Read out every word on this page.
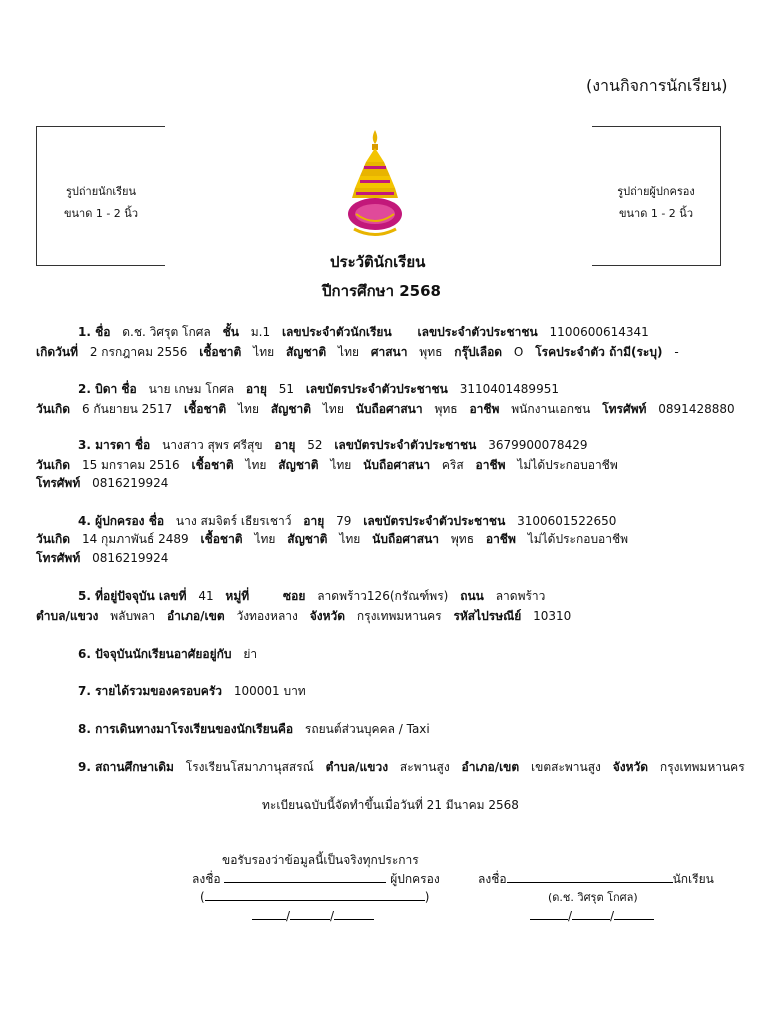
(งานกิจการนักเรียน)
รูปถ่ายนักเรียน
ขนาด 1 - 2 นิ้ว
รูปถ่ายผู้ปกครอง
ขนาด 1 - 2 นิ้ว
ประวัตินักเรียน
ปีการศึกษา 2568
1. ชื่อ ด.ช. วิศรุต โกศล ชั้น ม.1 เลขประจำตัวนักเรียน เลขประจำตัวประชาชน 1100600614341
เกิดวันที่ 2 กรกฎาคม 2556 เชื้อชาติ ไทย สัญชาติ ไทย ศาสนา พุทธ กรุ๊ปเลือด O โรคประจำตัว ถ้ามี(ระบุ) -
2. บิดา ชื่อ นาย เกษม โกศล อายุ 51 เลขบัตรประจำตัวประชาชน 3110401489951
วันเกิด 6 กันยายน 2517 เชื้อชาติ ไทย สัญชาติ ไทย นับถือศาสนา พุทธ อาชีพ พนักงานเอกชน โทรศัพท์ 0891428880
3. มารดา ชื่อ นางสาว สุพร ศรีสุข อายุ 52 เลขบัตรประจำตัวประชาชน 3679900078429
วันเกิด 15 มกราคม 2516 เชื้อชาติ ไทย สัญชาติ ไทย นับถือศาสนา คริส อาชีพ ไม่ได้ประกอบอาชีพ
โทรศัพท์ 0816219924
4. ผู้ปกครอง ชื่อ นาง สมจิตร์ เธียรเชาว์ อายุ 79 เลขบัตรประจำตัวประชาชน 3100601522650
วันเกิด 14 กุมภาพันธ์ 2489 เชื้อชาติ ไทย สัญชาติ ไทย นับถือศาสนา พุทธ อาชีพ ไม่ได้ประกอบอาชีพ
โทรศัพท์ 0816219924
5. ที่อยู่ปัจจุบัน เลขที่ 41 หมู่ที่	ซอย ลาดพร้าว126(กรัณฑ์พร) ถนน ลาดพร้าว
ตำบล/แขวง พลับพลา อำเภอ/เขต วังทองหลาง จังหวัด กรุงเทพมหานคร รหัสไปรษณีย์ 10310
6. ปัจจุบันนักเรียนอาศัยอยู่กับ ย่า
7. รายได้รวมของครอบครัว 100001 บาท
8. การเดินทางมาโรงเรียนของนักเรียนคือ รถยนต์ส่วนบุคคล / Taxi
9. สถานศึกษาเดิม โรงเรียนโสมาภานุสสรณ์ ตำบล/แขวง สะพานสูง อำเภอ/เขต เขตสะพานสูง จังหวัด กรุงเทพมหานคร
ทะเบียนฉบับนี้จัดทำขึ้นเมื่อวันที่ 21 มีนาคม 2568
ขอรับรองว่าข้อมูลนี้เป็นจริงทุกประการ
ลงชื่อ	ผู้ปกครอง
(	)
/	/
ลงชื่อ	นักเรียน
(ด.ช. วิศรุต โกศล)
/	/
